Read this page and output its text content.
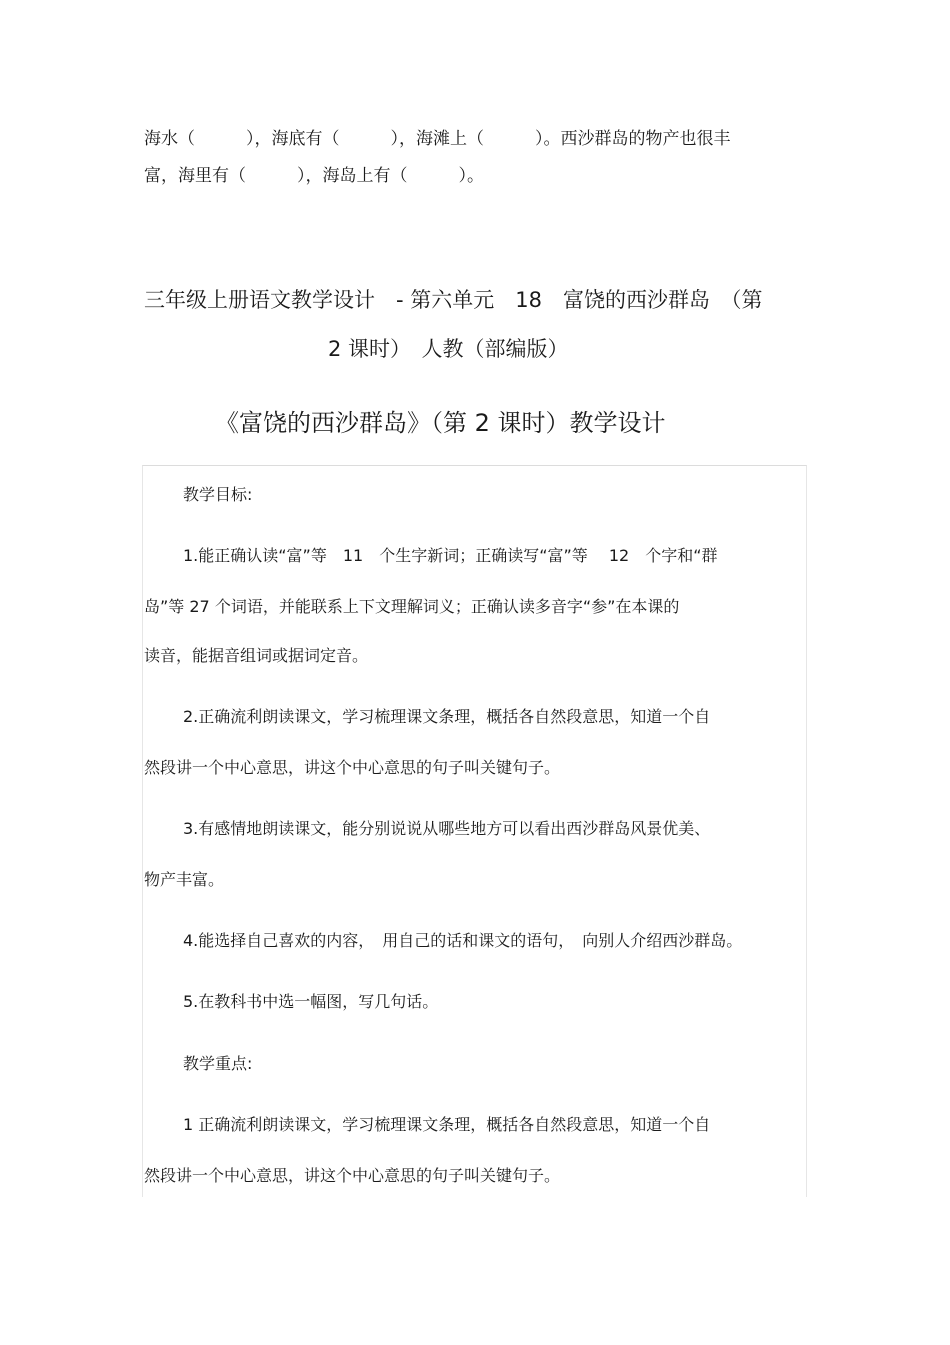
海水（　　　），海底有（　　　），海滩上（　　　）。西沙群岛的物产也很丰
富，海里有（　　　），海岛上有（　　　）。
三年级上册语文教学设计　- 第六单元　18　富饶的西沙群岛　（第
2 课时）　人教（部编版）
《富饶的西沙群岛》（第 2 课时）教学设计
教学目标:
1.能正确认读“富”等　11　个生字新词；正确读写“富”等　 12　个字和“群
岛”等 27 个词语，并能联系上下文理解词义；正确认读多音字“参”在本课的
读音，能据音组词或据词定音。
2.正确流利朗读课文，学习梳理课文条理，概括各自然段意思，知道一个自
然段讲一个中心意思，讲这个中心意思的句子叫关键句子。
3.有感情地朗读课文，能分别说说从哪些地方可以看出西沙群岛风景优美、
物产丰富。
4.能选择自己喜欢的内容，　用自己的话和课文的语句，　向别人介绍西沙群岛。
5.在教科书中选一幅图，写几句话。
教学重点:
1 正确流利朗读课文，学习梳理课文条理，概括各自然段意思，知道一个自
然段讲一个中心意思，讲这个中心意思的句子叫关键句子。
